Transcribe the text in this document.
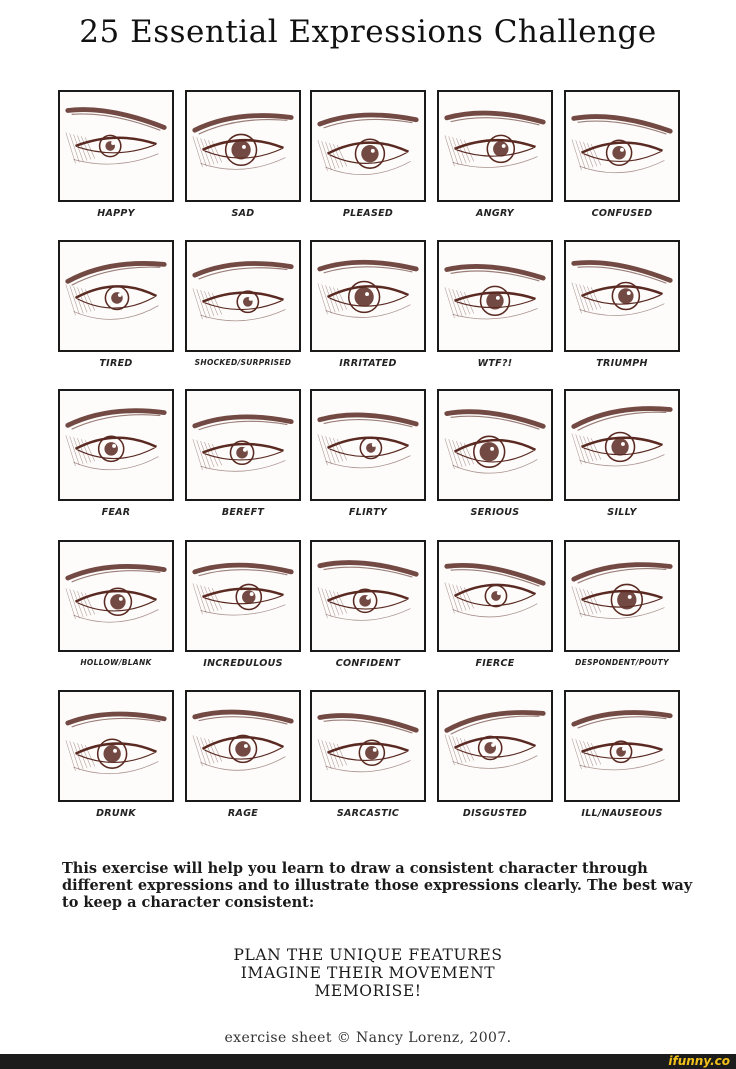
25 Essential Expressions Challenge
HAPPY	SAD	PLEASED	ANGRY	CONFUSED
TIRED	SHOCKED/SURPRISED	IRRITATED	WTF?!	TRIUMPH
FEAR	BEREFT	FLIRTY	SERIOUS	SILLY
HOLLOW/BLANK	INCREDULOUS	CONFIDENT	FIERCE	DESPONDENT/POUTY
DRUNK	RAGE	SARCASTIC	DISGUSTED	ILL/NAUSEOUS
This exercise will help you learn to draw a consistent character through different expressions and to illustrate those expressions clearly. The best way to keep a character consistent:
PLAN THE UNIQUE FEATURES
IMAGINE THEIR MOVEMENT
MEMORISE!
exercise sheet © Nancy Lorenz, 2007.
ifunny.co
